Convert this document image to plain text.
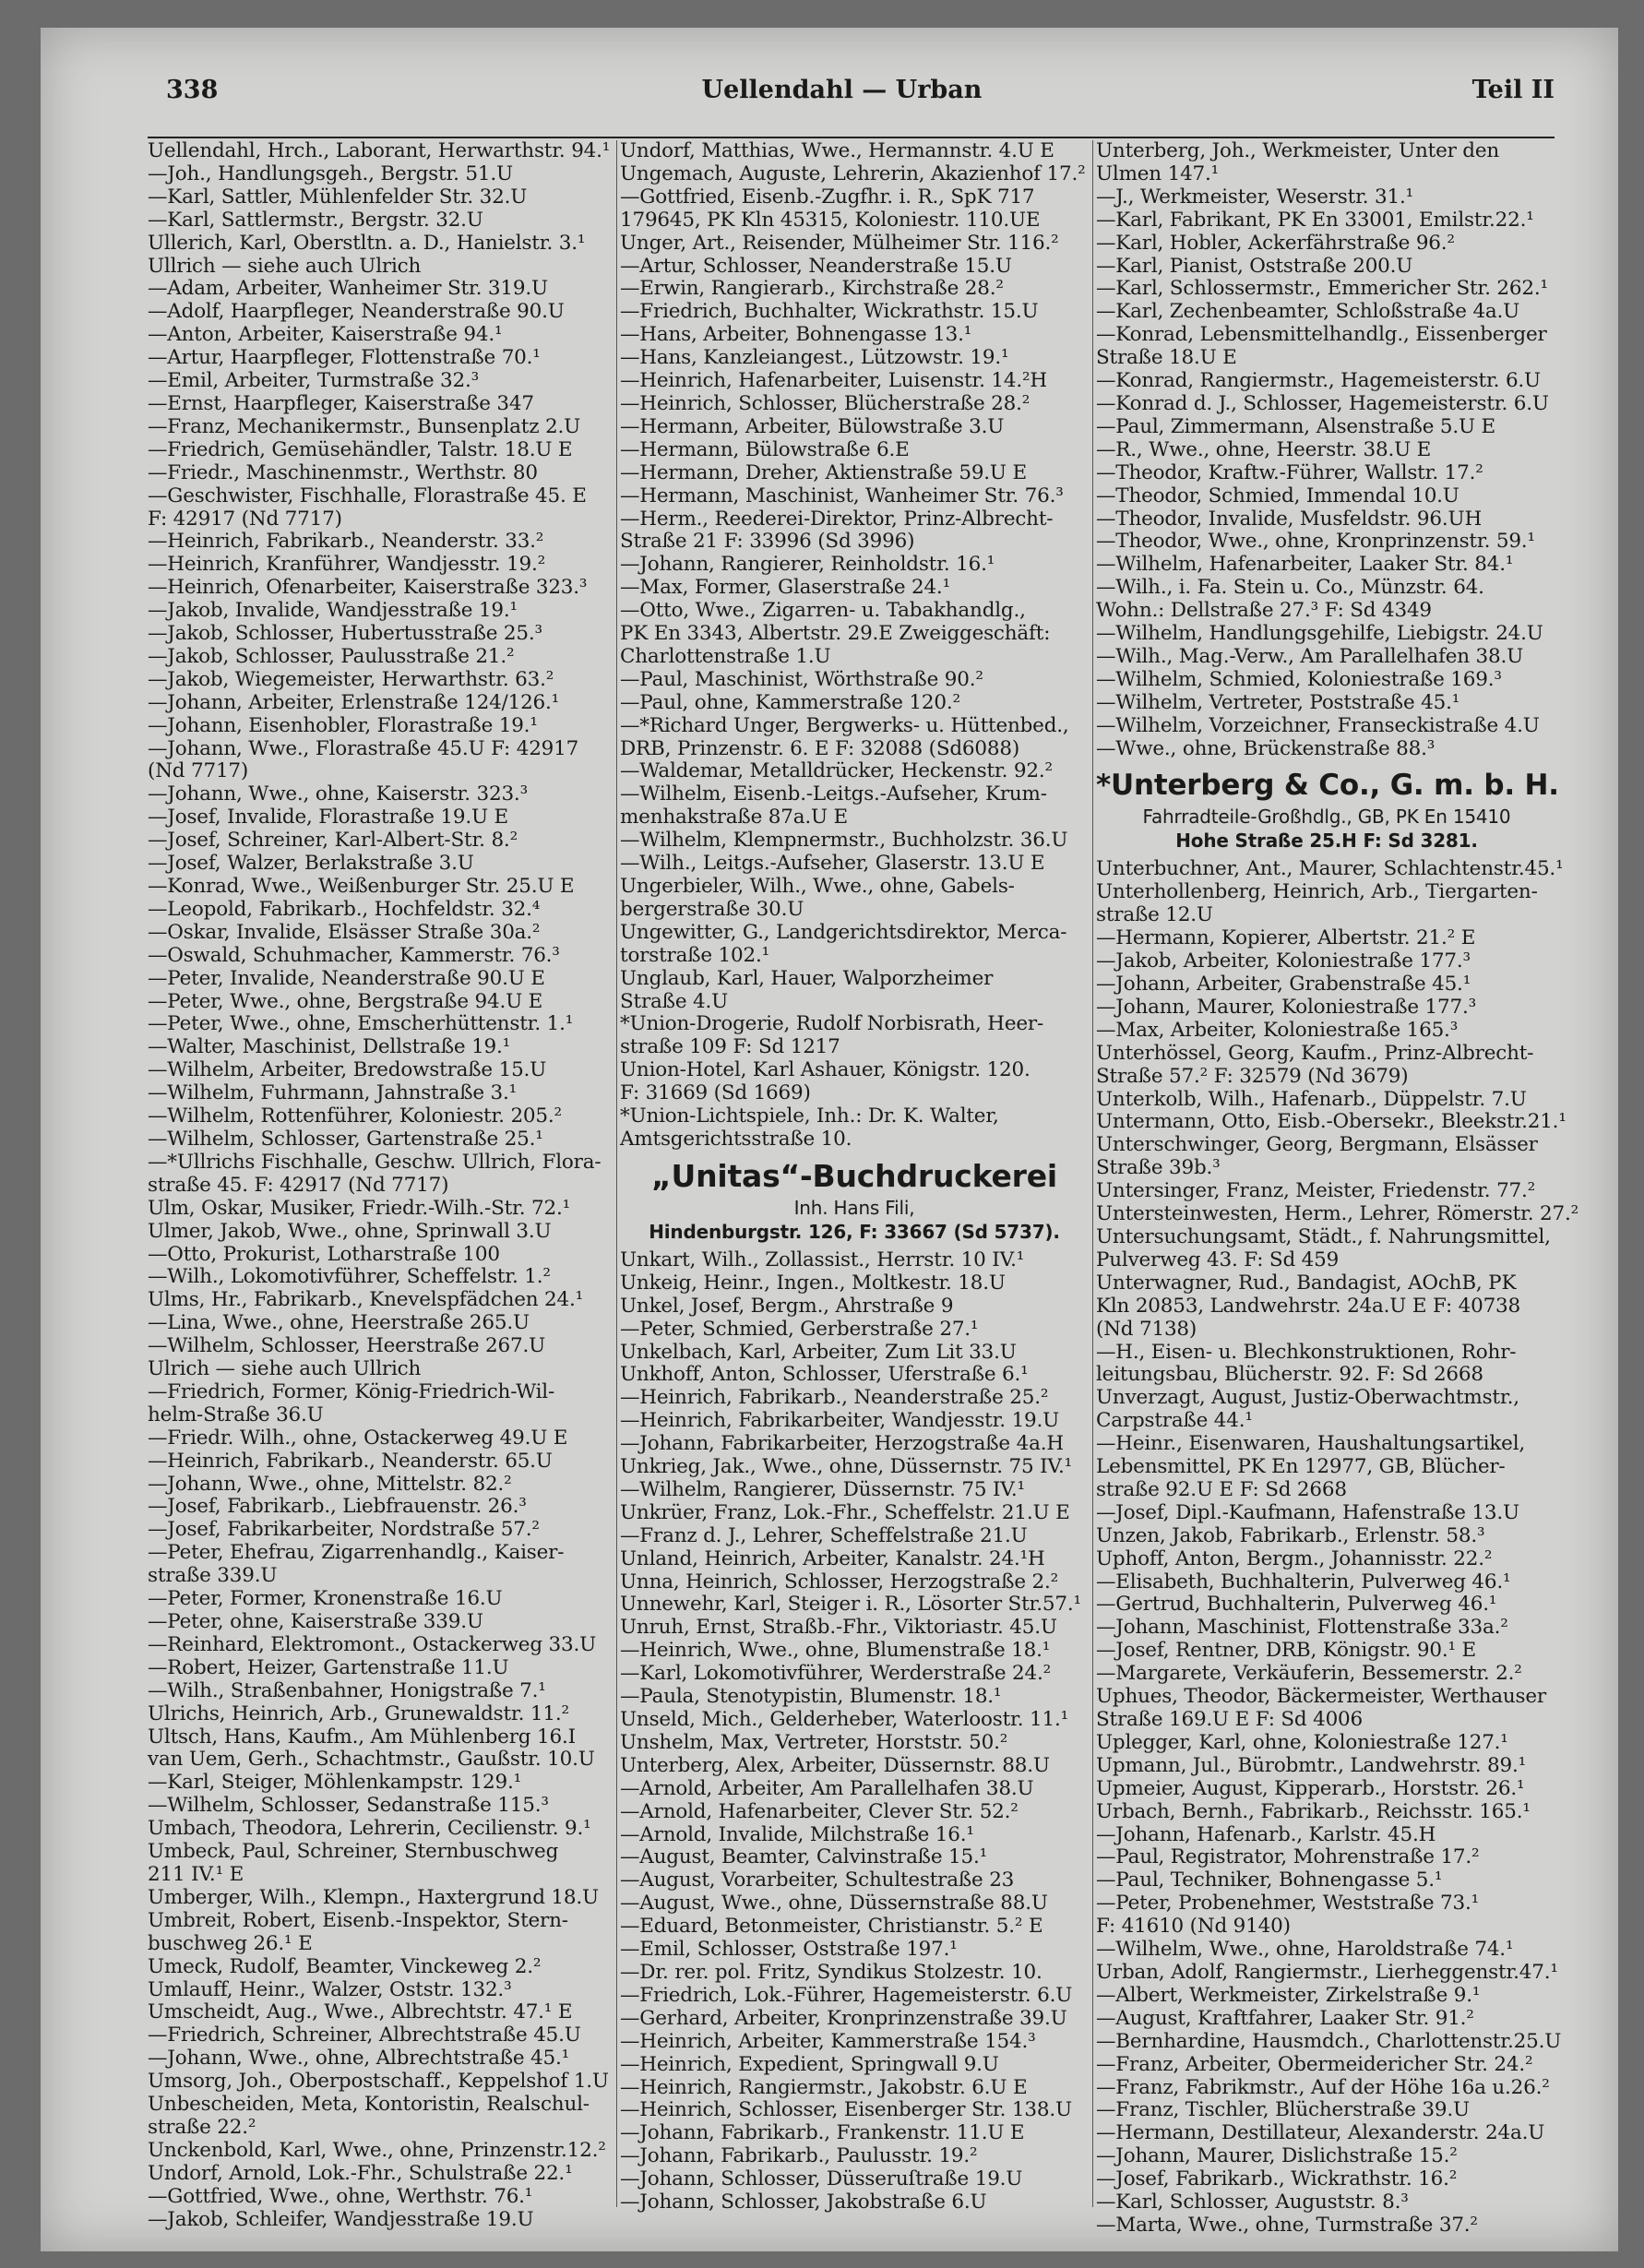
338	Uellendahl — Urban	Teil II
Uellendahl, Hrch., Laborant, Herwarthstr. 94.¹
—Joh., Handlungsgeh., Bergstr. 51.U
—Karl, Sattler, Mühlenfelder Str. 32.U
—Karl, Sattlermstr., Bergstr. 32.U
Ullerich, Karl, Oberstltn. a. D., Hanielstr. 3.¹
Ullrich — siehe auch Ulrich
—Adam, Arbeiter, Wanheimer Str. 319.U
—Adolf, Haarpfleger, Neanderstraße 90.U
—Anton, Arbeiter, Kaiserstraße 94.¹
—Artur, Haarpfleger, Flottenstraße 70.¹
—Emil, Arbeiter, Turmstraße 32.³
—Ernst, Haarpfleger, Kaiserstraße 347
—Franz, Mechanikermstr., Bunsenplatz 2.U
—Friedrich, Gemüsehändler, Talstr. 18.U E
—Friedr., Maschinenmstr., Werthstr. 80
—Geschwister, Fischhalle, Florastraße 45. E
F: 42917 (Nd 7717)
—Heinrich, Fabrikarb., Neanderstr. 33.²
—Heinrich, Kranführer, Wandjesstr. 19.²
—Heinrich, Ofenarbeiter, Kaiserstraße 323.³
—Jakob, Invalide, Wandjesstraße 19.¹
—Jakob, Schlosser, Hubertusstraße 25.³
—Jakob, Schlosser, Paulusstraße 21.²
—Jakob, Wiegemeister, Herwarthstr. 63.²
—Johann, Arbeiter, Erlenstraße 124/126.¹
—Johann, Eisenhobler, Florastraße 19.¹
—Johann, Wwe., Florastraße 45.U F: 42917
(Nd 7717)
—Johann, Wwe., ohne, Kaiserstr. 323.³
—Josef, Invalide, Florastraße 19.U E
—Josef, Schreiner, Karl-Albert-Str. 8.²
—Josef, Walzer, Berlakstraße 3.U
—Konrad, Wwe., Weißenburger Str. 25.U E
—Leopold, Fabrikarb., Hochfeldstr. 32.⁴
—Oskar, Invalide, Elsässer Straße 30a.²
—Oswald, Schuhmacher, Kammerstr. 76.³
—Peter, Invalide, Neanderstraße 90.U E
—Peter, Wwe., ohne, Bergstraße 94.U E
—Peter, Wwe., ohne, Emscherhüttenstr. 1.¹
—Walter, Maschinist, Dellstraße 19.¹
—Wilhelm, Arbeiter, Bredowstraße 15.U
—Wilhelm, Fuhrmann, Jahnstraße 3.¹
—Wilhelm, Rottenführer, Koloniestr. 205.²
—Wilhelm, Schlosser, Gartenstraße 25.¹
—*Ullrichs Fischhalle, Geschw. Ullrich, Flora-
straße 45. F: 42917 (Nd 7717)
Ulm, Oskar, Musiker, Friedr.-Wilh.-Str. 72.¹
Ulmer, Jakob, Wwe., ohne, Sprinwall 3.U
—Otto, Prokurist, Lotharstraße 100
—Wilh., Lokomotivführer, Scheffelstr. 1.²
Ulms, Hr., Fabrikarb., Knevelspfädchen 24.¹
—Lina, Wwe., ohne, Heerstraße 265.U
—Wilhelm, Schlosser, Heerstraße 267.U
Ulrich — siehe auch Ullrich
—Friedrich, Former, König-Friedrich-Wil-
helm-Straße 36.U
—Friedr. Wilh., ohne, Ostackerweg 49.U E
—Heinrich, Fabrikarb., Neanderstr. 65.U
—Johann, Wwe., ohne, Mittelstr. 82.²
—Josef, Fabrikarb., Liebfrauenstr. 26.³
—Josef, Fabrikarbeiter, Nordstraße 57.²
—Peter, Ehefrau, Zigarrenhandlg., Kaiser-
straße 339.U
—Peter, Former, Kronenstraße 16.U
—Peter, ohne, Kaiserstraße 339.U
—Reinhard, Elektromont., Ostackerweg 33.U
—Robert, Heizer, Gartenstraße 11.U
—Wilh., Straßenbahner, Honigstraße 7.¹
Ulrichs, Heinrich, Arb., Grunewaldstr. 11.²
Ultsch, Hans, Kaufm., Am Mühlenberg 16.I
van Uem, Gerh., Schachtmstr., Gaußstr. 10.U
—Karl, Steiger, Möhlenkampstr. 129.¹
—Wilhelm, Schlosser, Sedanstraße 115.³
Umbach, Theodora, Lehrerin, Cecilienstr. 9.¹
Umbeck, Paul, Schreiner, Sternbuschweg
211 IV.¹ E
Umberger, Wilh., Klempn., Haxtergrund 18.U
Umbreit, Robert, Eisenb.-Inspektor, Stern-
buschweg 26.¹ E
Umeck, Rudolf, Beamter, Vinckeweg 2.²
Umlauff, Heinr., Walzer, Oststr. 132.³
Umscheidt, Aug., Wwe., Albrechtstr. 47.¹ E
—Friedrich, Schreiner, Albrechtstraße 45.U
—Johann, Wwe., ohne, Albrechtstraße 45.¹
Umsorg, Joh., Oberpostschaff., Keppelshof 1.U
Unbescheiden, Meta, Kontoristin, Realschul-
straße 22.²
Unckenbold, Karl, Wwe., ohne, Prinzenstr.12.²
Undorf, Arnold, Lok.-Fhr., Schulstraße 22.¹
—Gottfried, Wwe., ohne, Werthstr. 76.¹
—Jakob, Schleifer, Wandjesstraße 19.U
Undorf, Matthias, Wwe., Hermannstr. 4.U E
Ungemach, Auguste, Lehrerin, Akazienhof 17.²
—Gottfried, Eisenb.-Zugfhr. i. R., SpK 717
179645, PK Kln 45315, Koloniestr. 110.UE
Unger, Art., Reisender, Mülheimer Str. 116.²
—Artur, Schlosser, Neanderstraße 15.U
—Erwin, Rangierarb., Kirchstraße 28.²
—Friedrich, Buchhalter, Wickrathstr. 15.U
—Hans, Arbeiter, Bohnengasse 13.¹
—Hans, Kanzleiangest., Lützowstr. 19.¹
—Heinrich, Hafenarbeiter, Luisenstr. 14.²H
—Heinrich, Schlosser, Blücherstraße 28.²
—Hermann, Arbeiter, Bülowstraße 3.U
—Hermann, Bülowstraße 6.E
—Hermann, Dreher, Aktienstraße 59.U E
—Hermann, Maschinist, Wanheimer Str. 76.³
—Herm., Reederei-Direktor, Prinz-Albrecht-
Straße 21 F: 33996 (Sd 3996)
—Johann, Rangierer, Reinholdstr. 16.¹
—Max, Former, Glaserstraße 24.¹
—Otto, Wwe., Zigarren- u. Tabakhandlg.,
PK En 3343, Albertstr. 29.E Zweiggeschäft:
Charlottenstraße 1.U
—Paul, Maschinist, Wörthstraße 90.²
—Paul, ohne, Kammerstraße 120.²
—*Richard Unger, Bergwerks- u. Hüttenbed.,
DRB, Prinzenstr. 6. E F: 32088 (Sd6088)
—Waldemar, Metalldrücker, Heckenstr. 92.²
—Wilhelm, Eisenb.-Leitgs.-Aufseher, Krum-
menhakstraße 87a.U E
—Wilhelm, Klempnermstr., Buchholzstr. 36.U
—Wilh., Leitgs.-Aufseher, Glaserstr. 13.U E
Ungerbieler, Wilh., Wwe., ohne, Gabels-
bergerstraße 30.U
Ungewitter, G., Landgerichtsdirektor, Merca-
torstraße 102.¹
Unglaub, Karl, Hauer, Walporzheimer
Straße 4.U
*Union-Drogerie, Rudolf Norbisrath, Heer-
straße 109 F: Sd 1217
Union-Hotel, Karl Ashauer, Königstr. 120.
F: 31669 (Sd 1669)
*Union-Lichtspiele, Inh.: Dr. K. Walter,
Amtsgerichtsstraße 10.
„Unitas“-Buchdruckerei
Inh. Hans Fili,
Hindenburgstr. 126, F: 33667 (Sd 5737).
Unkart, Wilh., Zollassist., Herrstr. 10 IV.¹
Unkeig, Heinr., Ingen., Moltkestr. 18.U
Unkel, Josef, Bergm., Ahrstraße 9
—Peter, Schmied, Gerberstraße 27.¹
Unkelbach, Karl, Arbeiter, Zum Lit 33.U
Unkhoff, Anton, Schlosser, Uferstraße 6.¹
—Heinrich, Fabrikarb., Neanderstraße 25.²
—Heinrich, Fabrikarbeiter, Wandjesstr. 19.U
—Johann, Fabrikarbeiter, Herzogstraße 4a.H
Unkrieg, Jak., Wwe., ohne, Düssernstr. 75 IV.¹
—Wilhelm, Rangierer, Düssernstr. 75 IV.¹
Unkrüer, Franz, Lok.-Fhr., Scheffelstr. 21.U E
—Franz d. J., Lehrer, Scheffelstraße 21.U
Unland, Heinrich, Arbeiter, Kanalstr. 24.¹H
Unna, Heinrich, Schlosser, Herzogstraße 2.²
Unnewehr, Karl, Steiger i. R., Lösorter Str.57.¹
Unruh, Ernst, Straßb.-Fhr., Viktoriastr. 45.U
—Heinrich, Wwe., ohne, Blumenstraße 18.¹
—Karl, Lokomotivführer, Werderstraße 24.²
—Paula, Stenotypistin, Blumenstr. 18.¹
Unseld, Mich., Gelderheber, Waterloostr. 11.¹
Unshelm, Max, Vertreter, Horststr. 50.²
Unterberg, Alex, Arbeiter, Düssernstr. 88.U
—Arnold, Arbeiter, Am Parallelhafen 38.U
—Arnold, Hafenarbeiter, Clever Str. 52.²
—Arnold, Invalide, Milchstraße 16.¹
—August, Beamter, Calvinstraße 15.¹
—August, Vorarbeiter, Schultestraße 23
—August, Wwe., ohne, Düssernstraße 88.U
—Eduard, Betonmeister, Christianstr. 5.² E
—Emil, Schlosser, Oststraße 197.¹
—Dr. rer. pol. Fritz, Syndikus Stolzestr. 10.
—Friedrich, Lok.-Führer, Hagemeisterstr. 6.U
—Gerhard, Arbeiter, Kronprinzenstraße 39.U
—Heinrich, Arbeiter, Kammerstraße 154.³
—Heinrich, Expedient, Springwall 9.U
—Heinrich, Rangiermstr., Jakobstr. 6.U E
—Heinrich, Schlosser, Eisenberger Str. 138.U
—Johann, Fabrikarb., Frankenstr. 11.U E
—Johann, Fabrikarb., Paulusstr. 19.²
—Johann, Schlosser, Düsseruſtraße 19.U
—Johann, Schlosser, Jakobstraße 6.U
Unterberg, Joh., Werkmeister, Unter den
Ulmen 147.¹
—J., Werkmeister, Weserstr. 31.¹
—Karl, Fabrikant, PK En 33001, Emilstr.22.¹
—Karl, Hobler, Ackerfährstraße 96.²
—Karl, Pianist, Oststraße 200.U
—Karl, Schlossermstr., Emmericher Str. 262.¹
—Karl, Zechenbeamter, Schloßstraße 4a.U
—Konrad, Lebensmittelhandlg., Eissenberger
Straße 18.U E
—Konrad, Rangiermstr., Hagemeisterstr. 6.U
—Konrad d. J., Schlosser, Hagemeisterstr. 6.U
—Paul, Zimmermann, Alsenstraße 5.U E
—R., Wwe., ohne, Heerstr. 38.U E
—Theodor, Kraftw.-Führer, Wallstr. 17.²
—Theodor, Schmied, Immendal 10.U
—Theodor, Invalide, Musfeldstr. 96.UH
—Theodor, Wwe., ohne, Kronprinzenstr. 59.¹
—Wilhelm, Hafenarbeiter, Laaker Str. 84.¹
—Wilh., i. Fa. Stein u. Co., Münzstr. 64.
Wohn.: Dellstraße 27.³ F: Sd 4349
—Wilhelm, Handlungsgehilfe, Liebigstr. 24.U
—Wilh., Mag.-Verw., Am Parallelhafen 38.U
—Wilhelm, Schmied, Koloniestraße 169.³
—Wilhelm, Vertreter, Poststraße 45.¹
—Wilhelm, Vorzeichner, Franseckistraße 4.U
—Wwe., ohne, Brückenstraße 88.³
*Unterberg & Co., G. m. b. H.
Fahrradteile-Großhdlg., GB, PK En 15410
Hohe Straße 25.H F: Sd 3281.
Unterbuchner, Ant., Maurer, Schlachtenstr.45.¹
Unterhollenberg, Heinrich, Arb., Tiergarten-
straße 12.U
—Hermann, Kopierer, Albertstr. 21.² E
—Jakob, Arbeiter, Koloniestraße 177.³
—Johann, Arbeiter, Grabenstraße 45.¹
—Johann, Maurer, Koloniestraße 177.³
—Max, Arbeiter, Koloniestraße 165.³
Unterhössel, Georg, Kaufm., Prinz-Albrecht-
Straße 57.² F: 32579 (Nd 3679)
Unterkolb, Wilh., Hafenarb., Düppelstr. 7.U
Untermann, Otto, Eisb.-Obersekr., Bleekstr.21.¹
Unterschwinger, Georg, Bergmann, Elsässer
Straße 39b.³
Untersinger, Franz, Meister, Friedenstr. 77.²
Untersteinwesten, Herm., Lehrer, Römerstr. 27.²
Untersuchungsamt, Städt., f. Nahrungsmittel,
Pulverweg 43. F: Sd 459
Unterwagner, Rud., Bandagist, AOchB, PK
Kln 20853, Landwehrstr. 24a.U E F: 40738
(Nd 7138)
—H., Eisen- u. Blechkonstruktionen, Rohr-
leitungsbau, Blücherstr. 92. F: Sd 2668
Unverzagt, August, Justiz-Oberwachtmstr.,
Carpstraße 44.¹
—Heinr., Eisenwaren, Haushaltungsartikel,
Lebensmittel, PK En 12977, GB, Blücher-
straße 92.U E F: Sd 2668
—Josef, Dipl.-Kaufmann, Hafenstraße 13.U
Unzen, Jakob, Fabrikarb., Erlenstr. 58.³
Uphoff, Anton, Bergm., Johannisstr. 22.²
—Elisabeth, Buchhalterin, Pulverweg 46.¹
—Gertrud, Buchhalterin, Pulverweg 46.¹
—Johann, Maschinist, Flottenstraße 33a.²
—Josef, Rentner, DRB, Königstr. 90.¹ E
—Margarete, Verkäuferin, Bessemerstr. 2.²
Uphues, Theodor, Bäckermeister, Werthauser
Straße 169.U E F: Sd 4006
Uplegger, Karl, ohne, Koloniestraße 127.¹
Upmann, Jul., Bürobmtr., Landwehrstr. 89.¹
Upmeier, August, Kipperarb., Horststr. 26.¹
Urbach, Bernh., Fabrikarb., Reichsstr. 165.¹
—Johann, Hafenarb., Karlstr. 45.H
—Paul, Registrator, Mohrenstraße 17.²
—Paul, Techniker, Bohnengasse 5.¹
—Peter, Probenehmer, Weststraße 73.¹
F: 41610 (Nd 9140)
—Wilhelm, Wwe., ohne, Haroldstraße 74.¹
Urban, Adolf, Rangiermstr., Lierheggenstr.47.¹
—Albert, Werkmeister, Zirkelstraße 9.¹
—August, Kraftfahrer, Laaker Str. 91.²
—Bernhardine, Hausmdch., Charlottenstr.25.U
—Franz, Arbeiter, Obermeidericher Str. 24.²
—Franz, Fabrikmstr., Auf der Höhe 16a u.26.²
—Franz, Tischler, Blücherstraße 39.U
—Hermann, Destillateur, Alexanderstr. 24a.U
—Johann, Maurer, Dislichstraße 15.²
—Josef, Fabrikarb., Wickrathstr. 16.²
—Karl, Schlosser, Auguststr. 8.³
—Marta, Wwe., ohne, Turmstraße 37.²
